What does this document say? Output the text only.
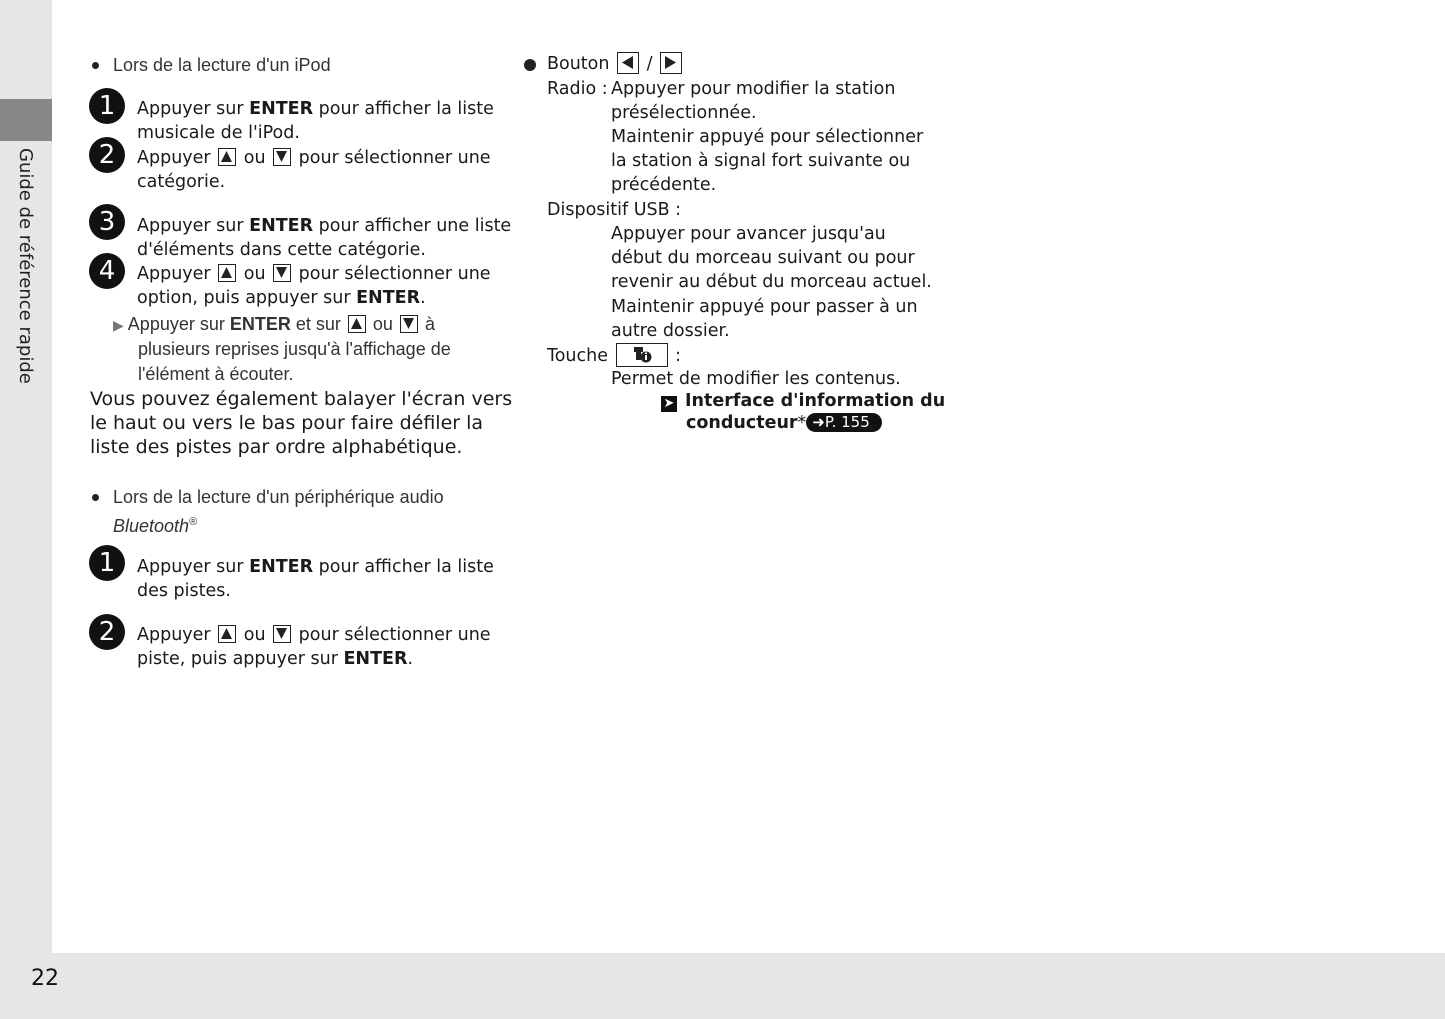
Guide de référence rapide
22
Lors de la lecture d'un iPod
1	Appuyer sur ENTER pour afficher la liste
musicale de l'iPod.
2	Appuyer
ou
pour sélectionner une
catégorie.
3	Appuyer sur ENTER pour afficher une liste
d'éléments dans cette catégorie.
4	Appuyer
ou
pour sélectionner une
option, puis appuyer sur ENTER.
▶ Appuyer sur ENTER et sur
ou
à
plusieurs reprises jusqu'à l'affichage de
l'élément à écouter.
Vous pouvez également balayer l'écran vers
le haut ou vers le bas pour faire défiler la
liste des pistes par ordre alphabétique.
Lors de la lecture d'un périphérique audio
Bluetooth®
1	Appuyer sur ENTER pour afficher la liste
des pistes.
2	Appuyer
ou
pour sélectionner une
piste, puis appuyer sur ENTER.
Bouton
/
Radio : Appuyer pour modifier la station
présélectionnée.
Maintenir appuyé pour sélectionner
la station à signal fort suivante ou
précédente.
Dispositif USB :
Appuyer pour avancer jusqu'au
début du morceau suivant ou pour
revenir au début du morceau actuel.
Maintenir appuyé pour passer à un
autre dossier.
Touche	:
Permet de modifier les contenus.
➤ Interface d'information du
conducteur* ➜P. 155
